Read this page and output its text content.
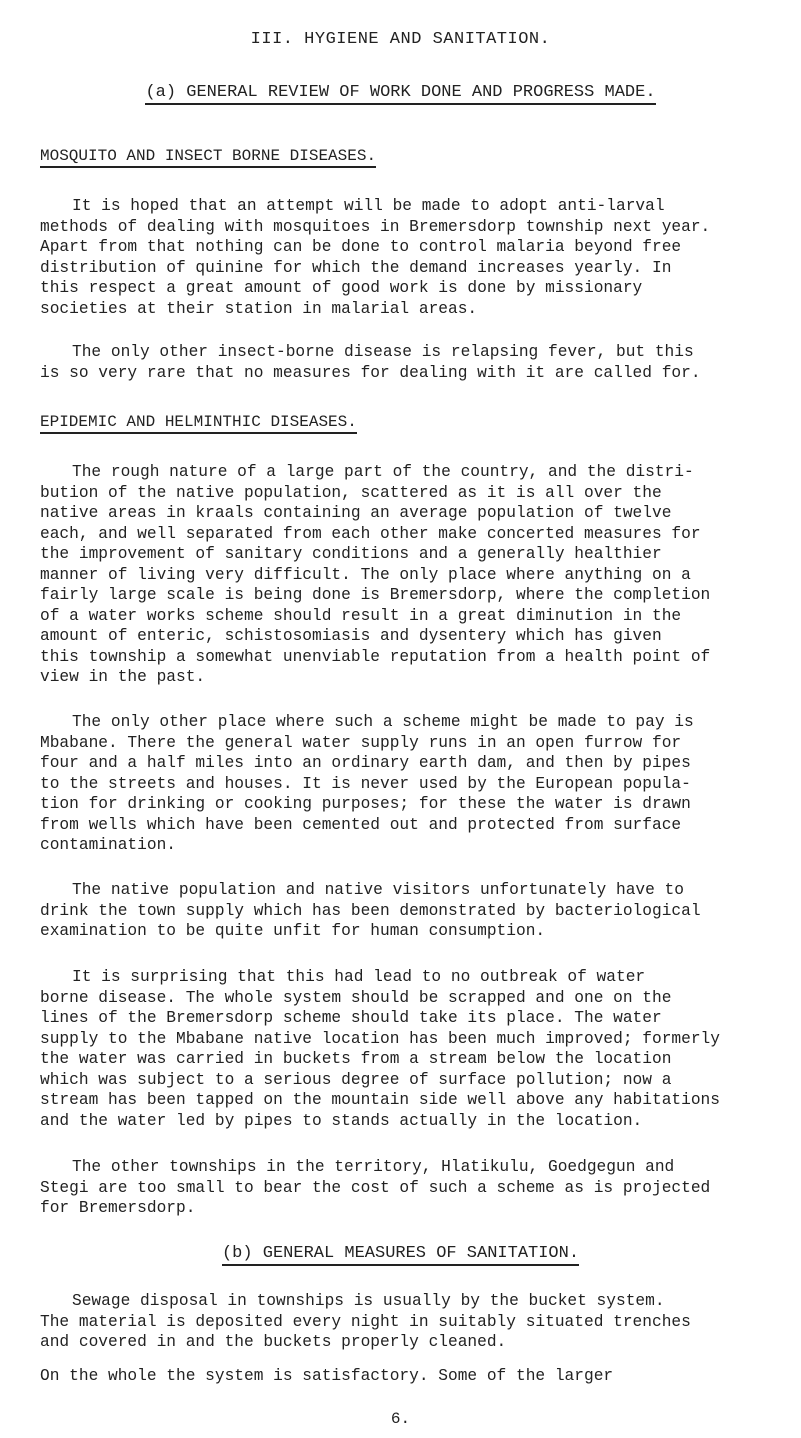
III. HYGIENE AND SANITATION.
(a) GENERAL REVIEW OF WORK DONE AND PROGRESS MADE.
MOSQUITO AND INSECT BORNE DISEASES.
It is hoped that an attempt will be made to adopt anti-larval
methods of dealing with mosquitoes in Bremersdorp township next year.
Apart from that nothing can be done to control malaria beyond free
distribution of quinine for which the demand increases yearly. In
this respect a great amount of good work is done by missionary
societies at their station in malarial areas.
The only other insect-borne disease is relapsing fever, but this
is so very rare that no measures for dealing with it are called for.
EPIDEMIC AND HELMINTHIC DISEASES.
The rough nature of a large part of the country, and the distri-
bution of the native population, scattered as it is all over the
native areas in kraals containing an average population of twelve
each, and well separated from each other make concerted measures for
the improvement of sanitary conditions and a generally healthier
manner of living very difficult. The only place where anything on a
fairly large scale is being done is Bremersdorp, where the completion
of a water works scheme should result in a great diminution in the
amount of enteric, schistosomiasis and dysentery which has given
this township a somewhat unenviable reputation from a health point of
view in the past.
The only other place where such a scheme might be made to pay is
Mbabane. There the general water supply runs in an open furrow for
four and a half miles into an ordinary earth dam, and then by pipes
to the streets and houses. It is never used by the European popula-
tion for drinking or cooking purposes; for these the water is drawn
from wells which have been cemented out and protected from surface
contamination.
The native population and native visitors unfortunately have to
drink the town supply which has been demonstrated by bacteriological
examination to be quite unfit for human consumption.
It is surprising that this had lead to no outbreak of water
borne disease. The whole system should be scrapped and one on the
lines of the Bremersdorp scheme should take its place. The water
supply to the Mbabane native location has been much improved; formerly
the water was carried in buckets from a stream below the location
which was subject to a serious degree of surface pollution; now a
stream has been tapped on the mountain side well above any habitations
and the water led by pipes to stands actually in the location.
The other townships in the territory, Hlatikulu, Goedgegun and
Stegi are too small to bear the cost of such a scheme as is projected
for Bremersdorp.
(b) GENERAL MEASURES OF SANITATION.
Sewage disposal in townships is usually by the bucket system.
The material is deposited every night in suitably situated trenches
and covered in and the buckets properly cleaned.
On the whole the system is satisfactory. Some of the larger
6.
